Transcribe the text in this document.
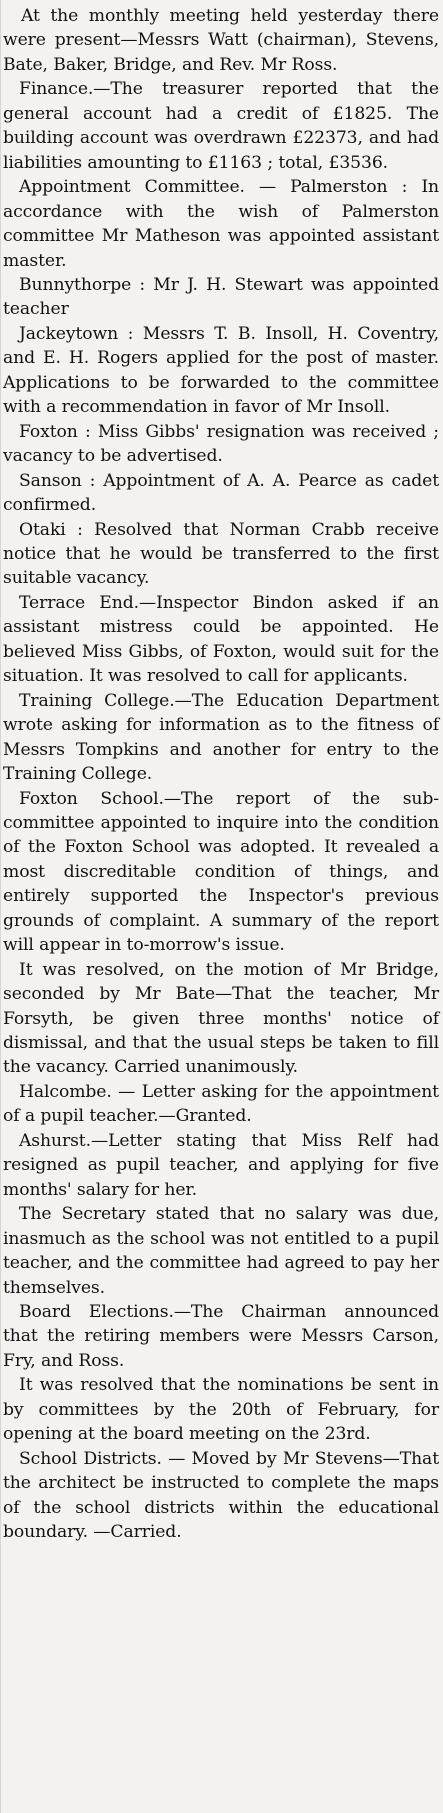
At the monthly meeting held yesterday there were present—Messrs Watt (chairman), Stevens, Bate, Baker, Bridge, and Rev. Mr Ross.

Finance.—The treasurer reported that the general account had a credit of £1825. The building account was overdrawn £22373, and had liabilities amounting to £1163 ; total, £3536.

Appointment Committee. — Palmerston : In accordance with the wish of Palmerston committee Mr Matheson was appointed assistant master.

Bunnythorpe : Mr J. H. Stewart was appointed teacher

Jackeytown : Messrs T. B. Insoll, H. Coventry, and E. H. Rogers applied for the post of master. Applications to be forwarded to the committee with a recommendation in favor of Mr Insoll.

Foxton : Miss Gibbs' resignation was received ; vacancy to be advertised.

Sanson : Appointment of A. A. Pearce as cadet confirmed.

Otaki : Resolved that Norman Crabb receive notice that he would be transferred to the first suitable vacancy.

Terrace End.—Inspector Bindon asked if an assistant mistress could be appointed. He believed Miss Gibbs, of Foxton, would suit for the situation. It was resolved to call for applicants.

Training College.—The Education Department wrote asking for information as to the fitness of Messrs Tompkins and another for entry to the Training College.

Foxton School.—The report of the sub-committee appointed to inquire into the condition of the Foxton School was adopted. It revealed a most discreditable condition of things, and entirely supported the Inspector's previous grounds of complaint. A summary of the report will appear in to-morrow's issue.

It was resolved, on the motion of Mr Bridge, seconded by Mr Bate—That the teacher, Mr Forsyth, be given three months' notice of dismissal, and that the usual steps be taken to fill the vacancy. Carried unanimously.

Halcombe. — Letter asking for the appointment of a pupil teacher.—Granted.

Ashurst.—Letter stating that Miss Relf had resigned as pupil teacher, and applying for five months' salary for her.

The Secretary stated that no salary was due, inasmuch as the school was not entitled to a pupil teacher, and the committee had agreed to pay her themselves.

Board Elections.—The Chairman announced that the retiring members were Messrs Carson, Fry, and Ross.

It was resolved that the nominations be sent in by committees by the 20th of February, for opening at the board meeting on the 23rd.

School Districts. — Moved by Mr Stevens—That the architect be instructed to complete the maps of the school districts within the educational boundary. —Carried.
